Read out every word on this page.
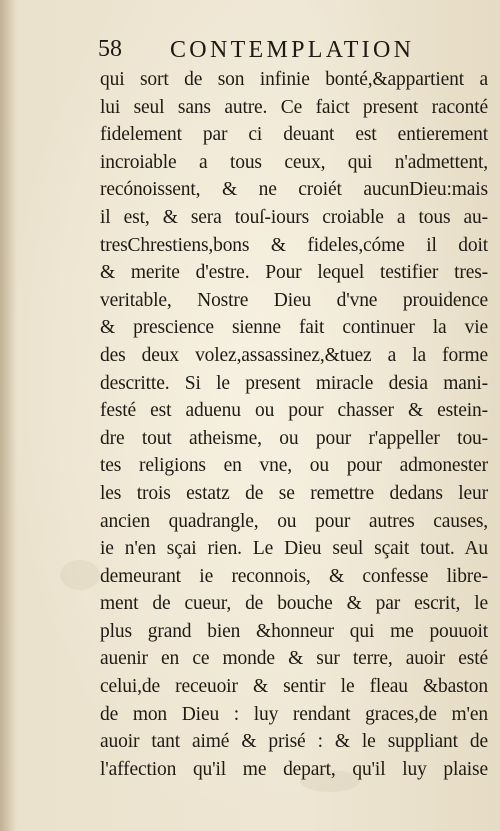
58 CONTEMPLATION
qui sort de son infinie bonté,&appartient a
lui seul sans autre. Ce faict present raconté
fidelement par ci deuant est entierement
incroiable a tous ceux, qui n'admettent,
recónoissent, & ne croiét aucunDieu:mais
il est, & sera touſ-iours croiable a tous au-
tresChrestiens,bons & fideles,cóme il doit
& merite d'estre. Pour lequel testifier tres-
veritable, Nostre Dieu d'vne prouidence
& prescience sienne fait continuer la vie
des deux volez,assassinez,&tuez a la forme
descritte. Si le present miracle desia mani-
festé est aduenu ou pour chasser & estein-
dre tout atheisme, ou pour r'appeller tou-
tes religions en vne, ou pour admonester
les trois estatz de se remettre dedans leur
ancien quadrangle, ou pour autres causes,
ie n'en sçai rien. Le Dieu seul sçait tout. Au
demeurant ie reconnois, & confesse libre-
ment de cueur, de bouche & par escrit, le
plus grand bien &honneur qui me pouuoit
auenir en ce monde & sur terre, auoir esté
celui,de receuoir & sentir le fleau &baston
de mon Dieu : luy rendant graces,de m'en
auoir tant aimé & prisé : & le suppliant de
l'affection qu'il me depart, qu'il luy plaise
